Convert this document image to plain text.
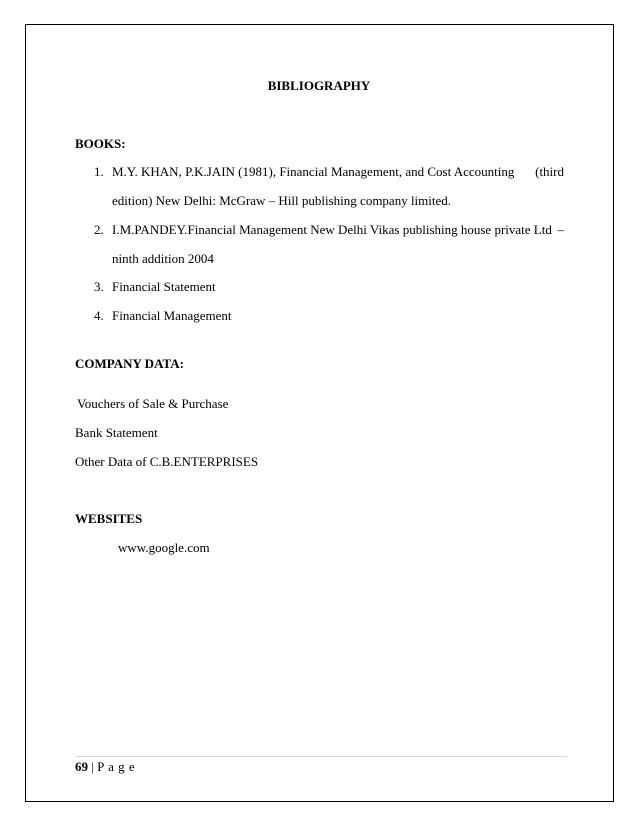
BIBLIOGRAPHY
BOOKS:
1. M.Y. KHAN, P.K.JAIN (1981), Financial Management, and Cost Accounting (third
edition) New Delhi: McGraw – Hill publishing company limited.
2. I.M.PANDEY.Financial Management New Delhi Vikas publishing house private Ltd –
ninth addition 2004
3. Financial Statement
4. Financial Management
COMPANY DATA:
Vouchers of Sale & Purchase
Bank Statement
Other Data of C.B.ENTERPRISES
WEBSITES
www.google.com
69 | P a g e
